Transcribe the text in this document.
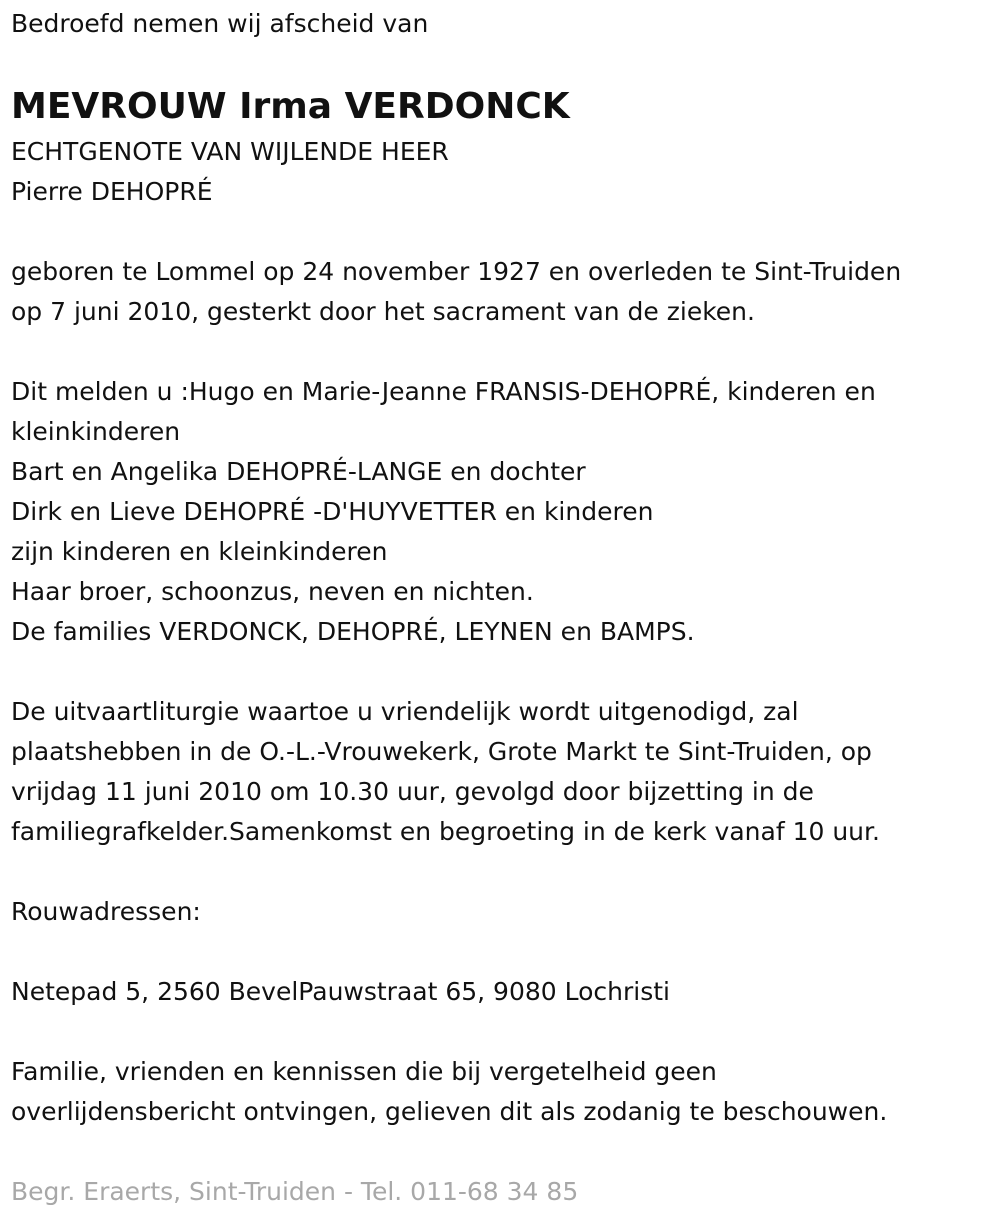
Bedroefd nemen wij afscheid van
MEVROUW Irma VERDONCK
ECHTGENOTE VAN WIJLENDE HEER
Pierre DEHOPRÉ
geboren te Lommel op 24 november 1927 en overleden te Sint-Truiden
op 7 juni 2010, gesterkt door het sacrament van de zieken.
Dit melden u :Hugo en Marie-Jeanne FRANSIS-DEHOPRÉ, kinderen en
kleinkinderen
Bart en Angelika DEHOPRÉ-LANGE en dochter
Dirk en Lieve DEHOPRÉ -D'HUYVETTER en kinderen
zijn kinderen en kleinkinderen
Haar broer, schoonzus, neven en nichten.
De families VERDONCK, DEHOPRÉ, LEYNEN en BAMPS.
De uitvaartliturgie waartoe u vriendelijk wordt uitgenodigd, zal
plaatshebben in de O.-L.-Vrouwekerk, Grote Markt te Sint-Truiden, op
vrijdag 11 juni 2010 om 10.30 uur, gevolgd door bijzetting in de
familiegrafkelder.Samenkomst en begroeting in de kerk vanaf 10 uur.
Rouwadressen:
Netepad 5, 2560 BevelPauwstraat 65, 9080 Lochristi
Familie, vrienden en kennissen die bij vergetelheid geen
overlijdensbericht ontvingen, gelieven dit als zodanig te beschouwen.
Begr. Eraerts, Sint-Truiden - Tel. 011-68 34 85
